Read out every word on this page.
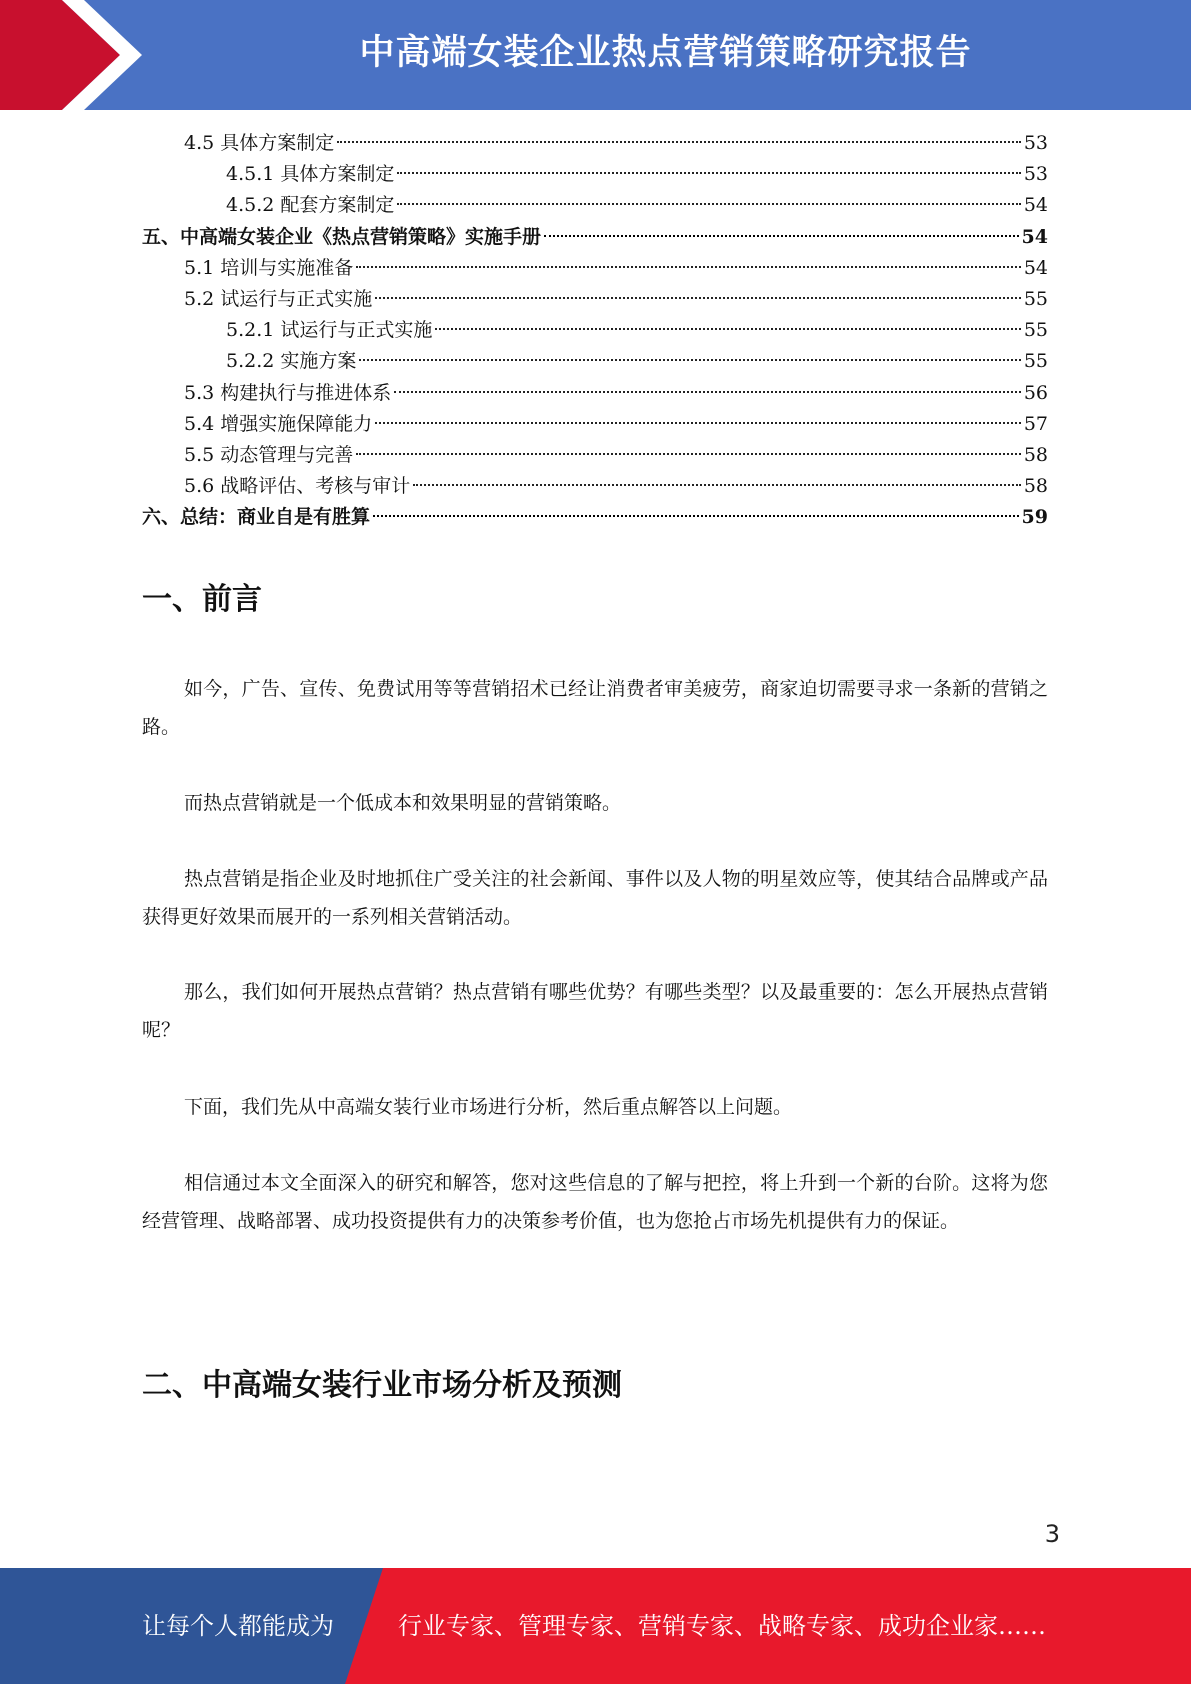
中高端女装企业热点营销策略研究报告
4.5 具体方案制定	53
4.5.1 具体方案制定	53
4.5.2 配套方案制定	54
五、中高端女装企业《热点营销策略》实施手册	54
5.1 培训与实施准备	54
5.2 试运行与正式实施	55
5.2.1 试运行与正式实施	55
5.2.2 实施方案	55
5.3 构建执行与推进体系	56
5.4 增强实施保障能力	57
5.5 动态管理与完善	58
5.6 战略评估、考核与审计	58
六、总结：商业自是有胜算	59
一、前言
如今，广告、宣传、免费试用等等营销招术已经让消费者审美疲劳，商家迫切需要寻求一条新的营销之路。
而热点营销就是一个低成本和效果明显的营销策略。
热点营销是指企业及时地抓住广受关注的社会新闻、事件以及人物的明星效应等，使其结合品牌或产品获得更好效果而展开的一系列相关营销活动。
那么，我们如何开展热点营销？热点营销有哪些优势？有哪些类型？以及最重要的：怎么开展热点营销呢？
下面，我们先从中高端女装行业市场进行分析，然后重点解答以上问题。
相信通过本文全面深入的研究和解答，您对这些信息的了解与把控，将上升到一个新的台阶。这将为您经营管理、战略部署、成功投资提供有力的决策参考价值，也为您抢占市场先机提供有力的保证。
二、中高端女装行业市场分析及预测
3
让每个人都能成为	行业专家、管理专家、营销专家、战略专家、成功企业家……
